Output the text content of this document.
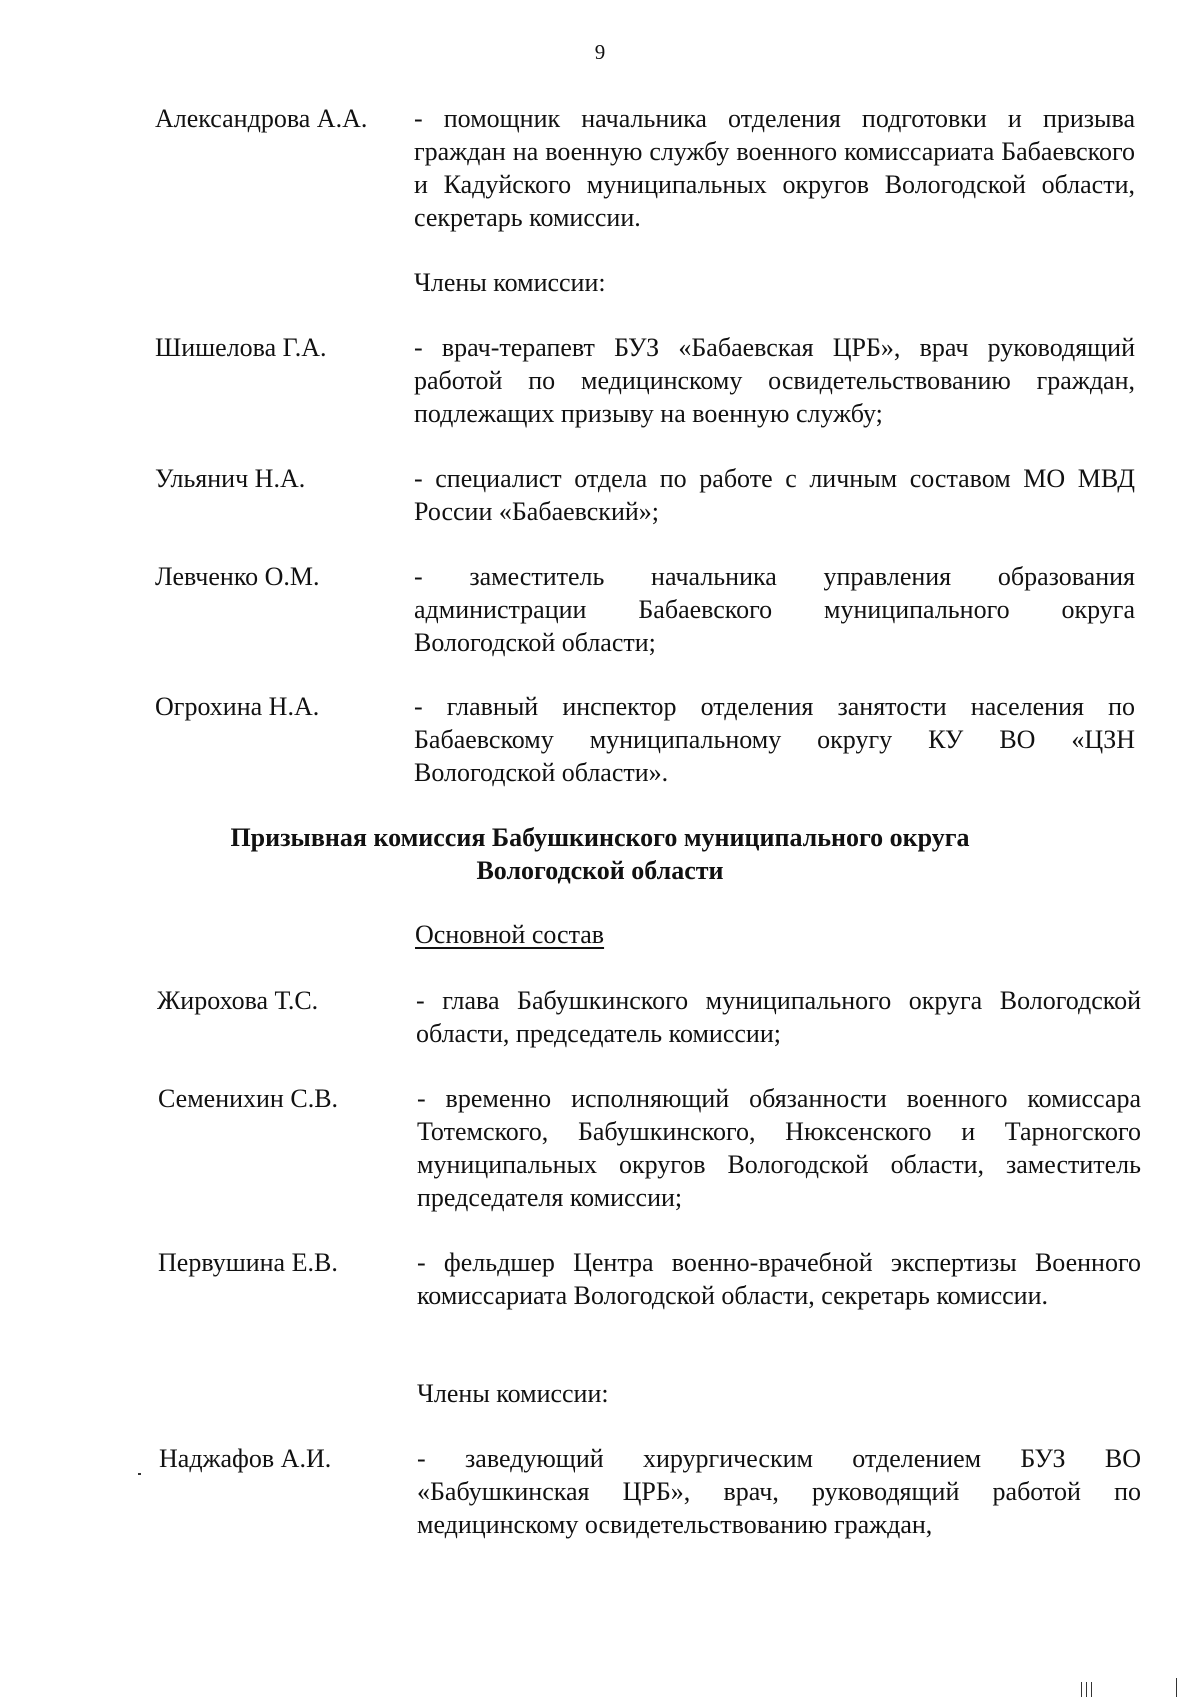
9
Александрова А.А. - помощник начальника отделения подготовки и призыва граждан на военную службу военного комиссариата Бабаевского и Кадуйского муниципальных округов Вологодской области, секретарь комиссии.
Члены комиссии:
Шишелова Г.А.	- врач-терапевт БУЗ «Бабаевская ЦРБ», врач руководящий работой по медицинскому освидетельствованию граждан, подлежащих призыву на военную службу;
Ульянич Н.А.	- специалист отдела по работе с личным составом МО МВД России «Бабаевский»;
Левченко О.М.	- заместитель начальника управления образования администрации Бабаевского муниципального округа Вологодской области;
Огрохина Н.А.	- главный инспектор отделения занятости населения по Бабаевскому муниципальному округу КУ ВО «ЦЗН Вологодской области».
Призывная комиссия Бабушкинского муниципального округа
Вологодской области
Основной состав
Жирохова Т.С.	- глава Бабушкинского муниципального округа Вологодской области, председатель комиссии;
Семенихин С.В.	- временно исполняющий обязанности военного комиссара Тотемского, Бабушкинского, Нюксенского и Тарногского муниципальных округов Вологодской области, заместитель председателя комиссии;
Первушина Е.В.	- фельдшер Центра военно-врачебной экспертизы Военного комиссариата Вологодской области, секретарь комиссии.
Члены комиссии:
Наджафов А.И.	- заведующий хирургическим отделением БУЗ ВО «Бабушкинская ЦРБ», врач, руководящий работой по медицинскому освидетельствованию граждан,
